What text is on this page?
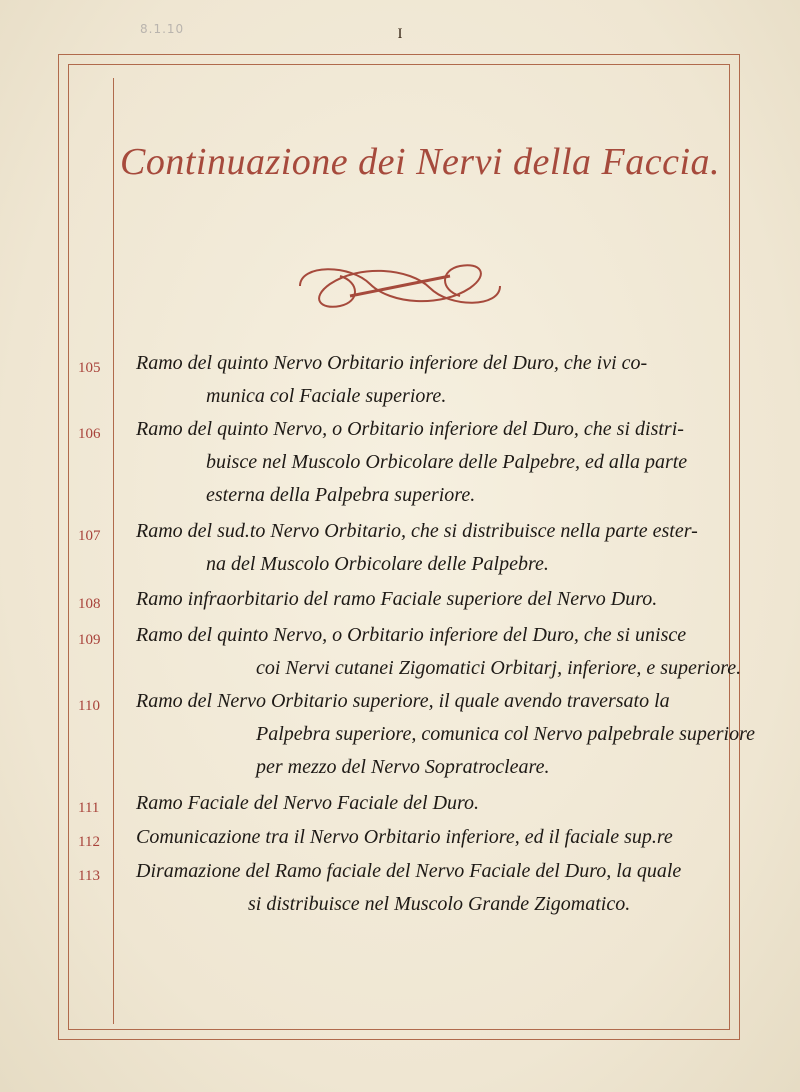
I
8.1.10
Continuazione dei Nervi della Faccia.
105	Ramo del quinto Nervo Orbitario inferiore del Duro, che ivi co-
munica col Faciale superiore.
106	Ramo del quinto Nervo, o Orbitario inferiore del Duro, che si distri-
buisce nel Muscolo Orbicolare delle Palpebre, ed alla parte
esterna della Palpebra superiore.
107	Ramo del sud.to Nervo Orbitario, che si distribuisce nella parte ester-
na del Muscolo Orbicolare delle Palpebre.
108	Ramo infraorbitario del ramo Faciale superiore del Nervo Duro.
109	Ramo del quinto Nervo, o Orbitario inferiore del Duro, che si unisce
coi Nervi cutanei Zigomatici Orbitarj, inferiore, e superiore.
110	Ramo del Nervo Orbitario superiore, il quale avendo traversato la
Palpebra superiore, comunica col Nervo palpebrale superiore
per mezzo del Nervo Sopratrocleare.
111	Ramo Faciale del Nervo Faciale del Duro.
112	Comunicazione tra il Nervo Orbitario inferiore, ed il faciale sup.re
113	Diramazione del Ramo faciale del Nervo Faciale del Duro, la quale
si distribuisce nel Muscolo Grande Zigomatico.
